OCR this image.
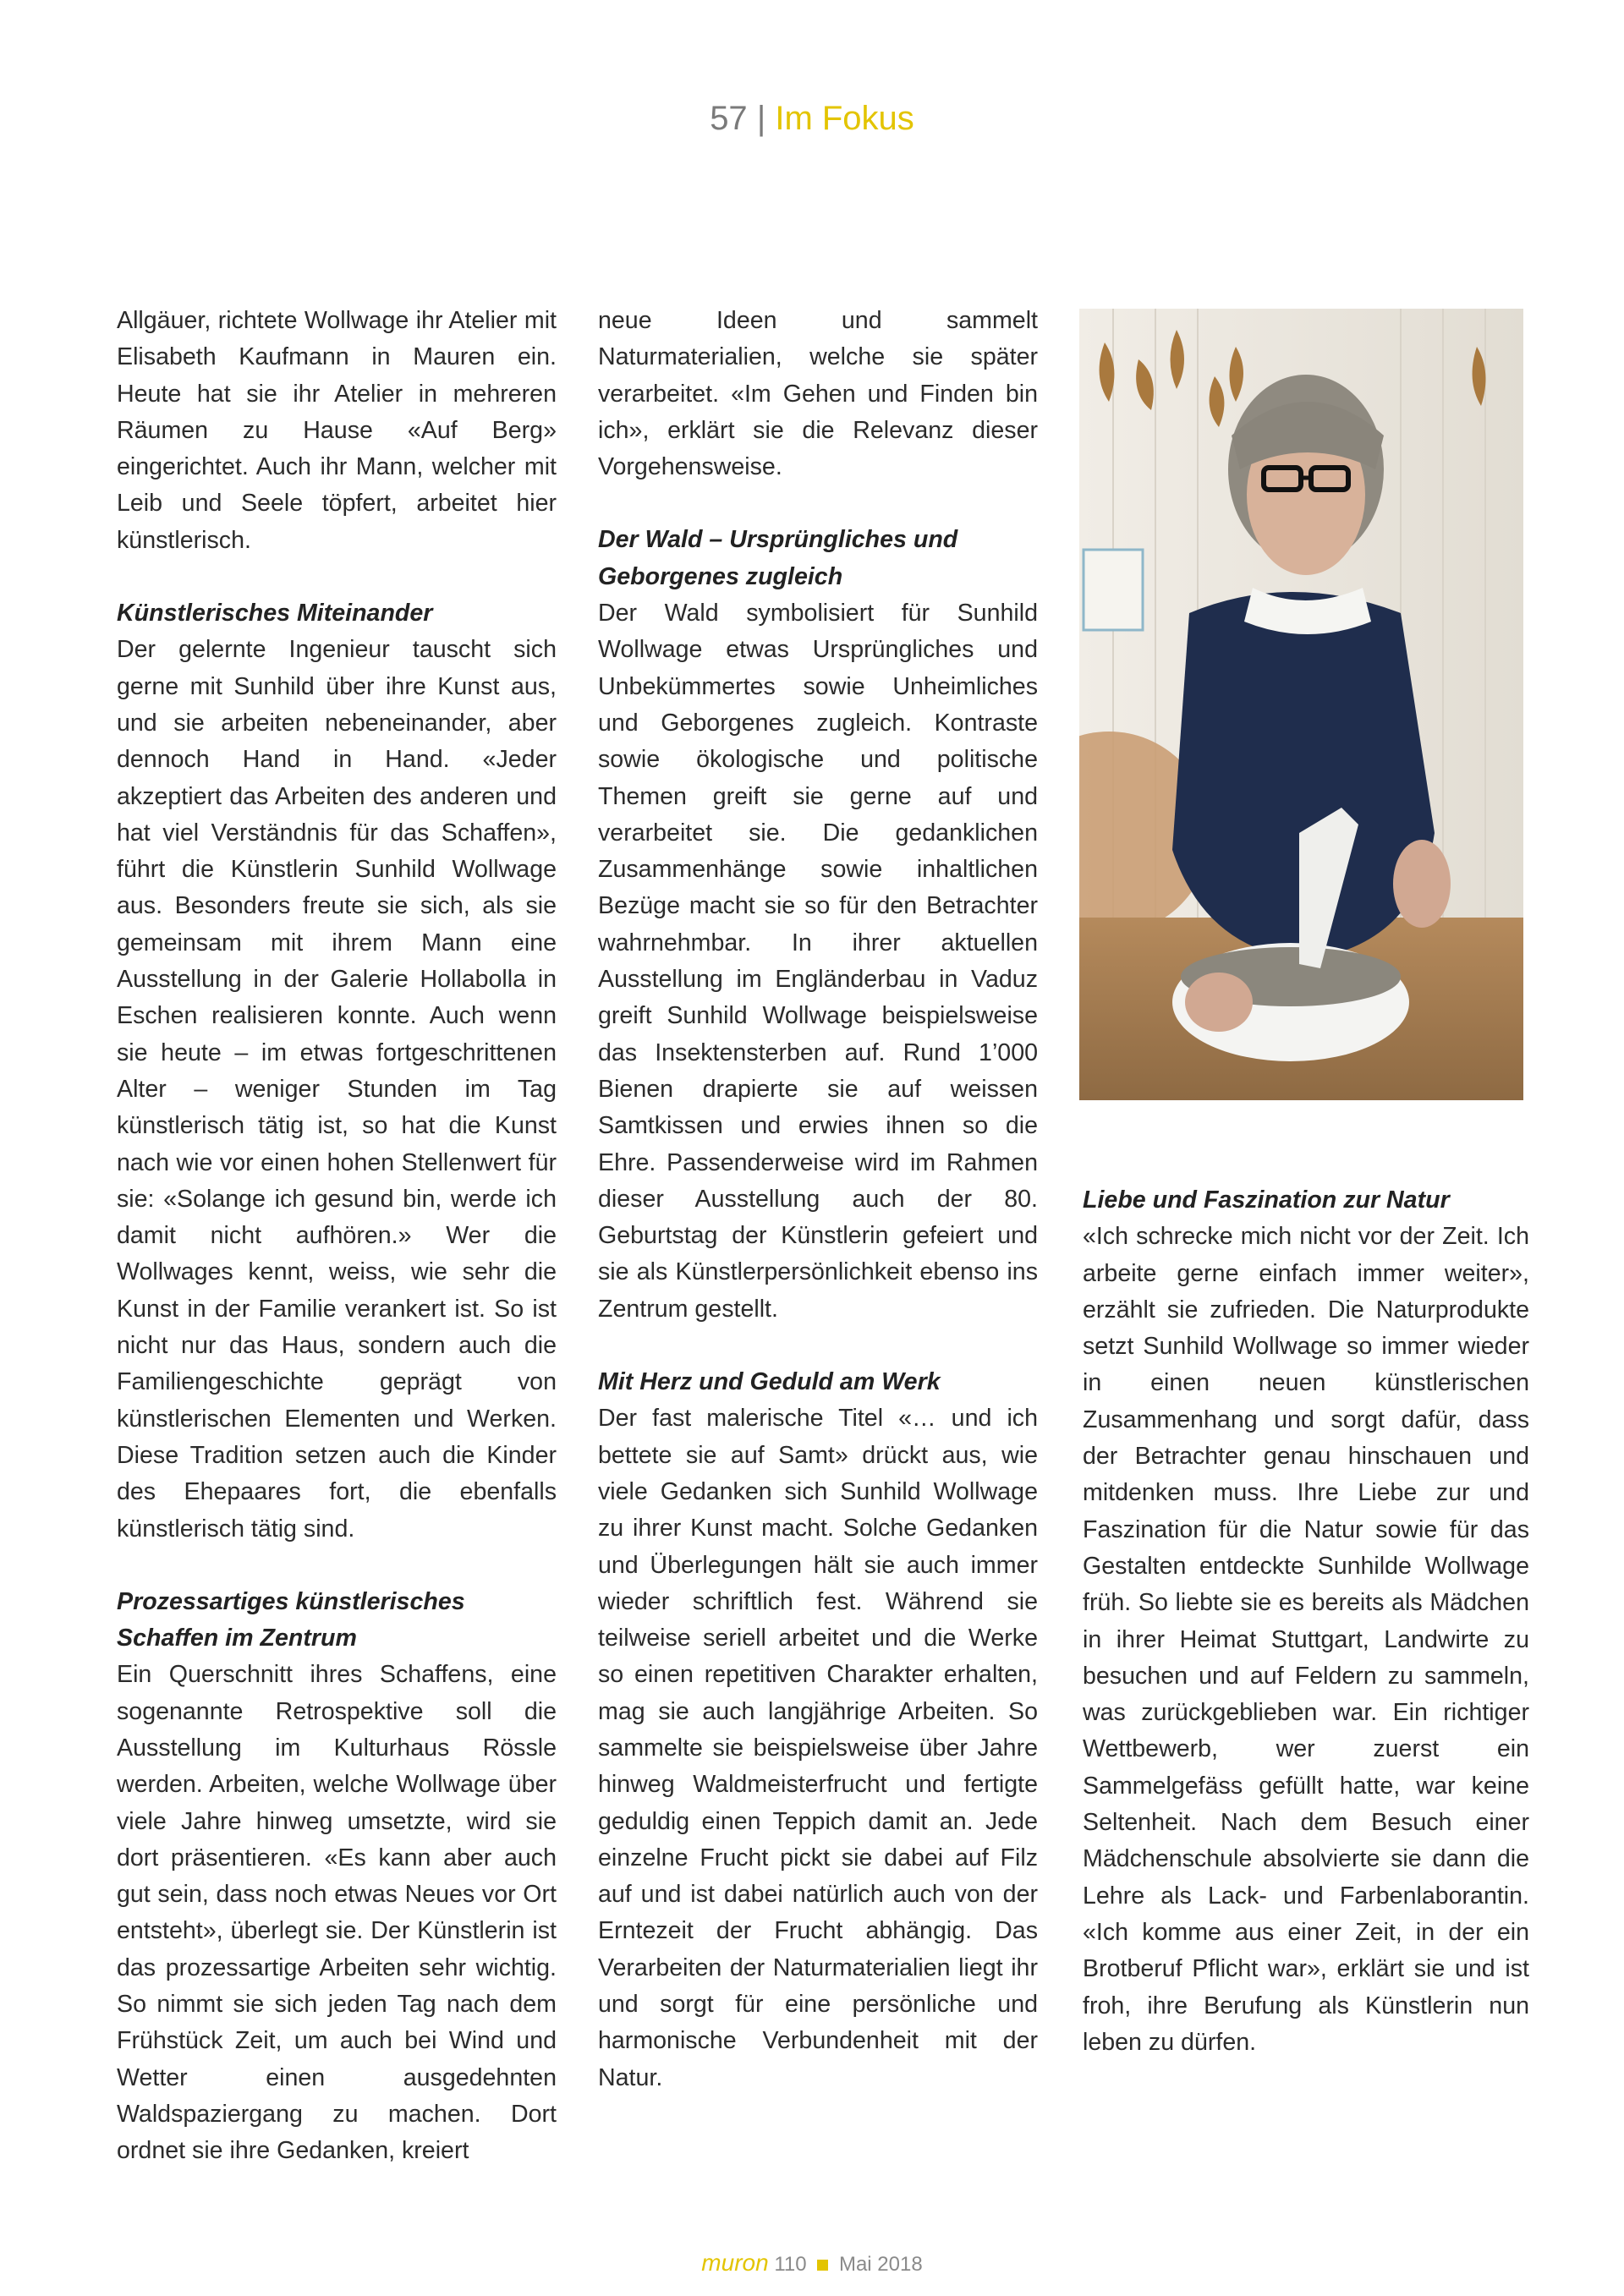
57 | Im Fokus

Allgäuer, richtete Wollwage ihr Atelier mit Elisabeth Kaufmann in Mauren ein. Heute hat sie ihr Atelier in mehreren Räumen zu Hause «Auf Berg» eingerichtet. Auch ihr Mann, welcher mit Leib und Seele töpfert, arbeitet hier künstlerisch.

Künstlerisches Miteinander

Der gelernte Ingenieur tauscht sich gerne mit Sunhild über ihre Kunst aus, und sie arbeiten nebeneinander, aber dennoch Hand in Hand. «Jeder akzeptiert das Arbeiten des anderen und hat viel Verständnis für das Schaffen», führt die Künstlerin Sunhild Wollwage aus. Besonders freute sie sich, als sie gemeinsam mit ihrem Mann eine Ausstellung in der Galerie Hollabolla in Eschen realisieren konnte. Auch wenn sie heute – im etwas fortgeschrittenen Alter – weniger Stunden im Tag künstlerisch tätig ist, so hat die Kunst nach wie vor einen hohen Stellenwert für sie: «Solange ich gesund bin, werde ich damit nicht aufhören.» Wer die Wollwages kennt, weiss, wie sehr die Kunst in der Familie verankert ist. So ist nicht nur das Haus, sondern auch die Familiengeschichte geprägt von künstlerischen Elementen und Werken. Diese Tradition setzen auch die Kinder des Ehepaares fort, die ebenfalls künstlerisch tätig sind.

Prozessartiges künstlerisches Schaffen im Zentrum

Ein Querschnitt ihres Schaffens, eine sogenannte Retrospektive soll die Ausstellung im Kulturhaus Rössle werden. Arbeiten, welche Wollwage über viele Jahre hinweg umsetzte, wird sie dort präsentieren. «Es kann aber auch gut sein, dass noch etwas Neues vor Ort entsteht», überlegt sie. Der Künstlerin ist das prozessartige Arbeiten sehr wichtig. So nimmt sie sich jeden Tag nach dem Frühstück Zeit, um auch bei Wind und Wetter einen ausgedehnten Waldspaziergang zu machen. Dort ordnet sie ihre Gedanken, kreiert

neue Ideen und sammelt Naturmaterialien, welche sie später verarbeitet. «Im Gehen und Finden bin ich», erklärt sie die Relevanz dieser Vorgehensweise.

Der Wald – Ursprüngliches und Geborgenes zugleich

Der Wald symbolisiert für Sunhild Wollwage etwas Ursprüngliches und Unbekümmertes sowie Unheimliches und Geborgenes zugleich. Kontraste sowie ökologische und politische Themen greift sie gerne auf und verarbeitet sie. Die gedanklichen Zusammenhänge sowie inhaltlichen Bezüge macht sie so für den Betrachter wahrnehmbar. In ihrer aktuellen Ausstellung im Engländerbau in Vaduz greift Sunhild Wollwage beispielsweise das Insektensterben auf. Rund 1’000 Bienen drapierte sie auf weissen Samtkissen und erwies ihnen so die Ehre. Passenderweise wird im Rahmen dieser Ausstellung auch der 80. Geburtstag der Künstlerin gefeiert und sie als Künstlerpersönlichkeit ebenso ins Zentrum gestellt.

Mit Herz und Geduld am Werk

Der fast malerische Titel «… und ich bettete sie auf Samt» drückt aus, wie viele Gedanken sich Sunhild Wollwage zu ihrer Kunst macht. Solche Gedanken und Überlegungen hält sie auch immer wieder schriftlich fest. Während sie teilweise seriell arbeitet und die Werke so einen repetitiven Charakter erhalten, mag sie auch langjährige Arbeiten. So sammelte sie beispielsweise über Jahre hinweg Waldmeisterfrucht und fertigte geduldig einen Teppich damit an. Jede einzelne Frucht pickt sie dabei auf Filz auf und ist dabei natürlich auch von der Erntezeit der Frucht abhängig. Das Verarbeiten der Naturmaterialien liegt ihr und sorgt für eine persönliche und harmonische Verbundenheit mit der Natur.

Liebe und Faszination zur Natur

«Ich schrecke mich nicht vor der Zeit. Ich arbeite gerne einfach immer weiter», erzählt sie zufrieden. Die Naturprodukte setzt Sunhild Wollwage so immer wieder in einen neuen künstlerischen Zusammenhang und sorgt dafür, dass der Betrachter genau hinschauen und mitdenken muss. Ihre Liebe zur und Faszination für die Natur sowie für das Gestalten entdeckte Sunhilde Wollwage früh. So liebte sie es bereits als Mädchen in ihrer Heimat Stuttgart, Landwirte zu besuchen und auf Feldern zu sammeln, was zurückgeblieben war. Ein richtiger Wettbewerb, wer zuerst ein Sammelgefäss gefüllt hatte, war keine Seltenheit. Nach dem Besuch einer Mädchenschule absolvierte sie dann die Lehre als Lack- und Farbenlaborantin. «Ich komme aus einer Zeit, in der ein Brotberuf Pflicht war», erklärt sie und ist froh, ihre Berufung als Künstlerin nun leben zu dürfen.

muron 110 Mai 2018
